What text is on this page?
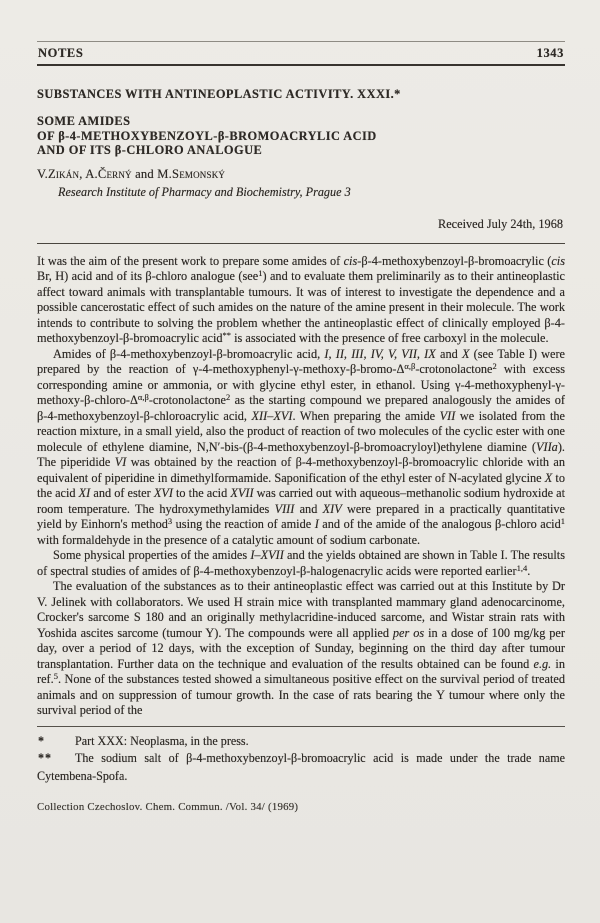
NOTES	1343
SUBSTANCES WITH ANTINEOPLASTIC ACTIVITY. XXXI.*
SOME AMIDES
OF β-4-METHOXYBENZOYL-β-BROMOACRYLIC ACID
AND OF ITS β-CHLORO ANALOGUE
V.Zikán, A.Černý and M.Semonský
Research Institute of Pharmacy and Biochemistry, Prague 3
Received July 24th, 1968

It was the aim of the present work to prepare some amides of cis-β-4-methoxybenzoyl-β-bromoacrylic (cis Br, H) acid and of its β-chloro analogue (see$^1$) and to evaluate them preliminarily as to their antineoplastic affect toward animals with transplantable tumours. It was of interest to investigate the dependence and a possible cancerostatic effect of such amides on the nature of the amine present in their molecule. The work intends to contribute to solving the problem whether the antineoplastic effect of clinically employed β-4-methoxybenzoyl-β-bromoacrylic acid** is associated with the presence of free carboxyl in the molecule.

Amides of β-4-methoxybenzoyl-β-bromoacrylic acid, I, II, III, IV, V, VII, IX and X (see Table I) were prepared by the reaction of $\gamma-4-methoxyphenyl-\gamma-methoxy-\beta-bromo-\Delta^{\alpha,\beta}-crotonolactone^2$ with excess corresponding amine or ammonia, or with glycine ethyl ester, in ethanol. Using $\gamma-4-methoxyphenyl-\gamma-methoxy-\beta-chloro-\Delta^{\alpha,\beta}-crotonolactone^2$ as the starting compound we prepared analogously the amides of β-4-methoxybenzoyl-β-chloroacrylic acid, XII–XVI. When preparing the amide VII we isolated from the reaction mixture, in a small yield, also the product of reaction of two molecules of the cyclic ester with one molecule of ethylene diamine, N,N′-bis-(β-4-methoxybenzoyl-β-bromoacryloyl)ethylene diamine (VIIa). The piperidide VI was obtained by the reaction of β-4-methoxybenzoyl-β-bromoacrylic chloride with an equivalent of piperidine in dimethylformamide. Saponification of the ethyl ester of N-acylated glycine X to the acid XI and of ester XVI to the acid XVII was carried out with aqueous–methanolic sodium hydroxide at room temperature. The hydroxymethylamides VIII and XIV were prepared in a practically quantitative yield by Einhorn's method$^3$ using the reaction of amide I and of the amide of the analogous β-chloro acid$^1$ with formaldehyde in the presence of a catalytic amount of sodium carbonate.

Some physical properties of the amides I–XVII and the yields obtained are shown in Table I. The results of spectral studies of amides of β-4-methoxybenzoyl-β-halogenacrylic acids were reported earlier$^{1,4}$.

The evaluation of the substances as to their antineoplastic effect was carried out at this Institute by Dr V. Jelinek with collaborators. We used H strain mice with transplanted mammary gland adenocarcinome, Crocker's sarcome S 180 and an originally methylacridine-induced sarcome, and Wistar strain rats with Yoshida ascites sarcome (tumour Y). The compounds were all applied per os in a dose of 100 mg/kg per day, over a period of 12 days, with the exception of Sunday, beginning on the third day after tumour transplantation. Further data on the technique and evaluation of the results obtained can be found e.g. in ref.$^5$. None of the substances tested showed a simultaneous positive effect on the survival period of treated animals and on suppression of tumour growth. In the case of rats bearing the Y tumour where only the survival period of the

* Part XXX: Neoplasma, in the press.
** The sodium salt of β-4-methoxybenzoyl-β-bromoacrylic acid is made under the trade name Cytembena-Spofa.
Collection Czechoslov. Chem. Commun. /Vol. 34/ (1969)
